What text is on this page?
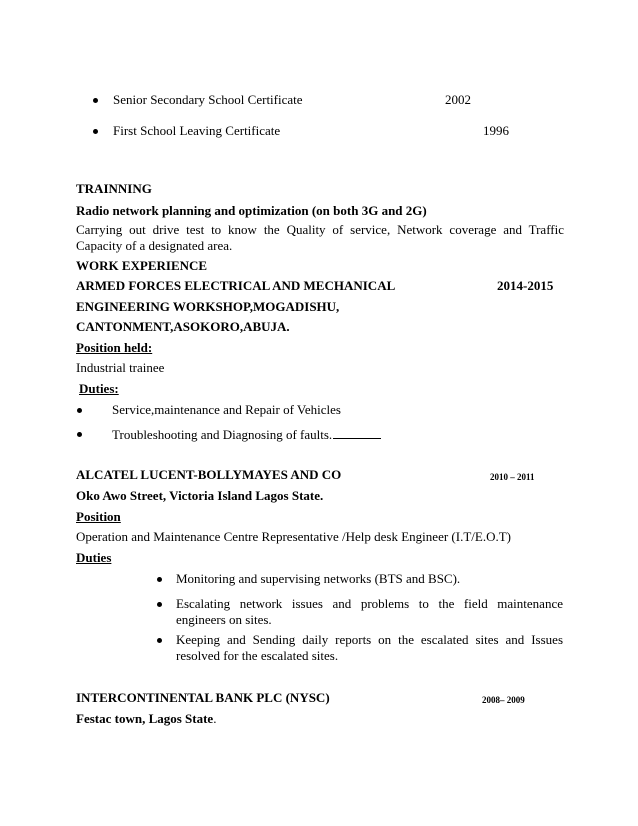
Senior Secondary School Certificate	2002
First School Leaving Certificate	1996
TRAINNING
Radio network planning and optimization (on both 3G and 2G)
Carrying out drive test to know the Quality of service, Network coverage and Traffic Capacity of a designated area.
WORK EXPERIENCE
ARMED FORCES ELECTRICAL AND MECHANICAL	2014-2015
ENGINEERING WORKSHOP,MOGADISHU,
CANTONMENT,ASOKORO,ABUJA.
Position held:
Industrial trainee
Duties:
Service,maintenance and Repair of Vehicles
Troubleshooting and Diagnosing of faults.
ALCATEL LUCENT-BOLLYMAYES AND CO	2010 – 2011
Oko Awo Street, Victoria Island Lagos State.
Position
Operation and Maintenance Centre Representative /Help desk Engineer (I.T/E.O.T)
Duties
Monitoring and supervising networks (BTS and BSC).
Escalating network issues and problems to the field maintenance engineers on sites.
Keeping and Sending daily reports on the escalated sites and Issues resolved for the escalated sites.
INTERCONTINENTAL BANK PLC (NYSC)	2008– 2009
Festac town, Lagos State.
